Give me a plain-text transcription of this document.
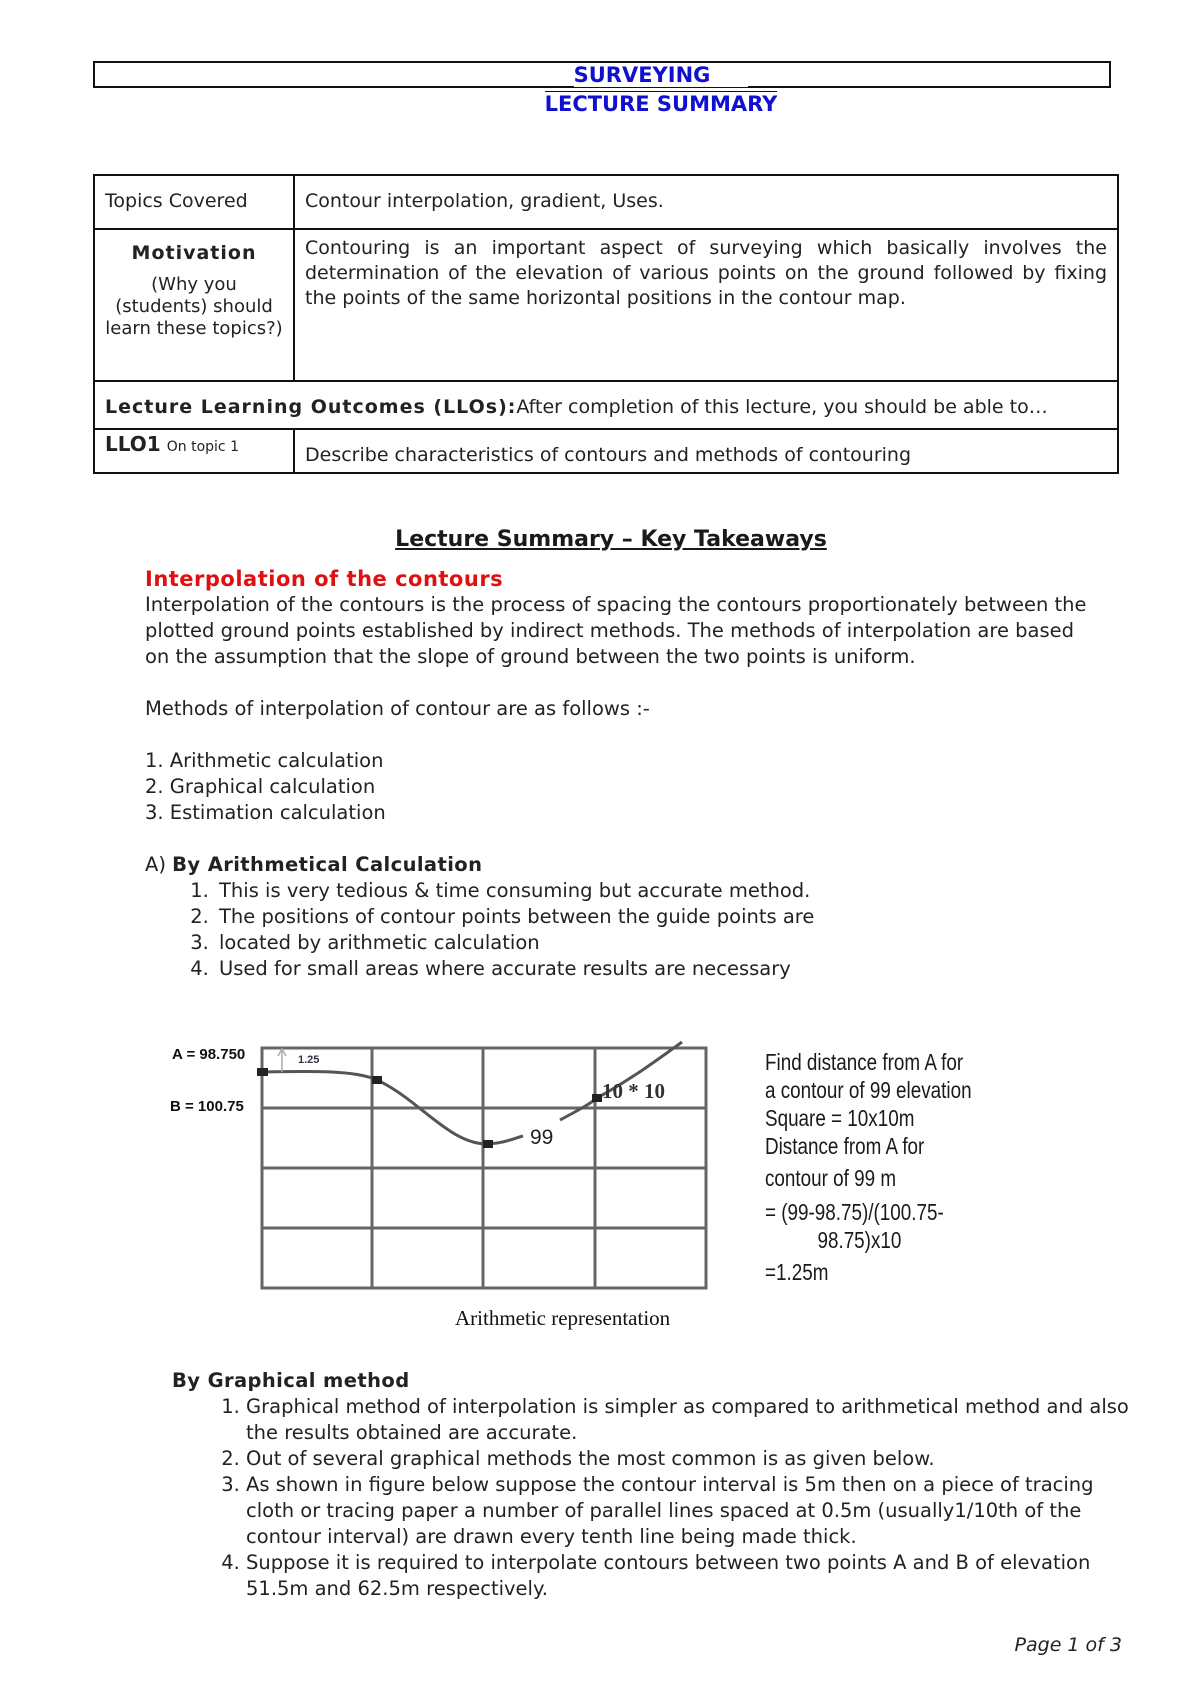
SURVEYING
LECTURE SUMMARY
Topics Covered	Contour interpolation, gradient, Uses.

Motivation
(Why you (students) should learn these topics?)	Contouring is an important aspect of surveying which basically involves the determination of the elevation of various points on the ground followed by fixing the points of the same horizontal positions in the contour map.
Lecture Learning Outcomes (LLOs):After completion of this lecture, you should be able to…	
LLO1 On topic 1	Describe characteristics of contours and methods of contouring
Lecture Summary – Key Takeaways
Interpolation of the contours

Interpolation of the contours is the process of spacing the contours proportionately between the plotted ground points established by indirect methods. The methods of interpolation are based on the assumption that the slope of ground between the two points is uniform.

Methods of interpolation of contour are as follows :-

1. Arithmetic calculation
2. Graphical calculation
3. Estimation calculation

A) By Arithmetical Calculation

1. This is very tedious & time consuming but accurate method.
2. The positions of contour points between the guide points are
3. located by arithmetic calculation
4. Used for small areas where accurate results are necessary
A = 98.750
B = 100.75
1.25
99
10 * 10
Arithmetic representation
Find distance from A for
a contour of 99 elevation
Square = 10x10m
Distance from A for
contour of 99 m
= (99-98.75)/(100.75-
98.75)x10
=1.25m

By Graphical method

1. Graphical method of interpolation is simpler as compared to arithmetical method and also the results obtained are accurate.
2. Out of several graphical methods the most common is as given below.
3. As shown in figure below suppose the contour interval is 5m then on a piece of tracing cloth or tracing paper a number of parallel lines spaced at 0.5m (usually1/10th of the contour interval) are drawn every tenth line being made thick.
4. Suppose it is required to interpolate contours between two points A and B of elevation 51.5m and 62.5m respectively.
Page 1 of 3
